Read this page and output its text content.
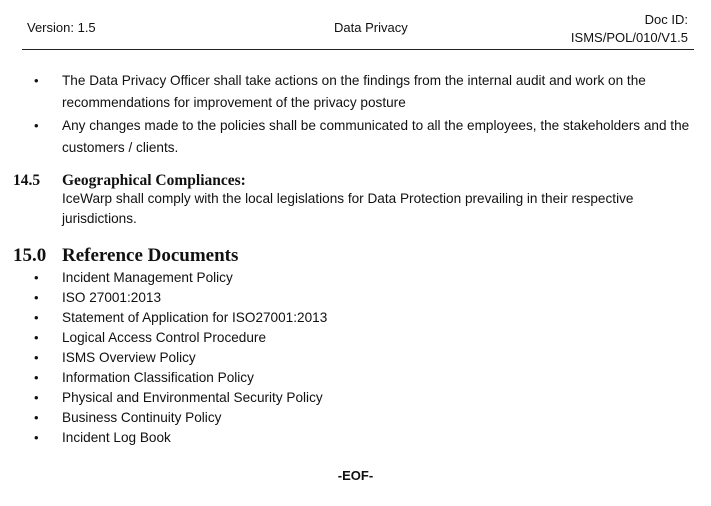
Version: 1.5	Data Privacy
Doc ID:
ISMS/POL/010/V1.5
•	The Data Privacy Officer shall take actions on the findings from the internal audit and work on the recommendations for improvement of the privacy posture
•	Any changes made to the policies shall be communicated to all the employees, the stakeholders and the customers / clients.
14.5 Geographical Compliances:
IceWarp shall comply with the local legislations for Data Protection prevailing in their respective jurisdictions.
15.0 Reference Documents
• Incident Management Policy
• ISO 27001:2013
• Statement of Application for ISO27001:2013
• Logical Access Control Procedure
• ISMS Overview Policy
• Information Classification Policy
• Physical and Environmental Security Policy
• Business Continuity Policy
• Incident Log Book
-EOF-
